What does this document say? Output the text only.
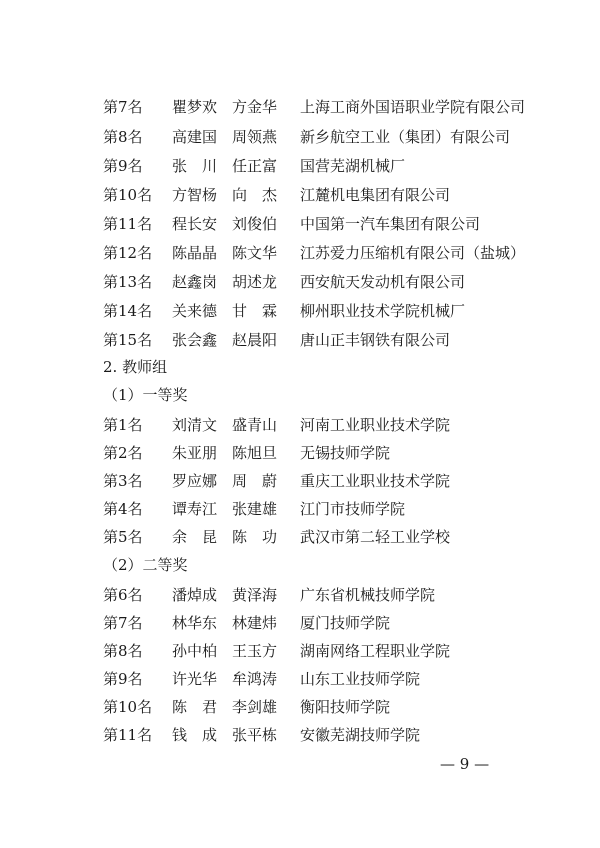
第7名 瞿梦欢 方金华 上海工商外国语职业学院有限公司
第8名 高建国 周领燕 新乡航空工业（集团）有限公司
第9名 张　川 任正富 国营芜湖机械厂
第10名 方智杨 向　杰 江麓机电集团有限公司
第11名 程长安 刘俊伯 中国第一汽车集团有限公司
第12名 陈晶晶 陈文华 江苏爱力压缩机有限公司（盐城）
第13名 赵鑫岗 胡述龙 西安航天发动机有限公司
第14名 关来德 甘　霖 柳州职业技术学院机械厂
第15名 张会鑫 赵晨阳 唐山正丰钢铁有限公司
2. 教师组
（1）一等奖
第1名 刘清文 盛青山 河南工业职业技术学院
第2名 朱亚朋 陈旭旦 无锡技师学院
第3名 罗应娜 周　蔚 重庆工业职业技术学院
第4名 谭寿江 张建雄 江门市技师学院
第5名 余　昆 陈　功 武汉市第二轻工业学校
（2）二等奖
第6名 潘焯成 黄泽海 广东省机械技师学院
第7名 林华东 林建炜 厦门技师学院
第8名 孙中柏 王玉方 湖南网络工程职业学院
第9名 许光华 牟鸿涛 山东工业技师学院
第10名 陈　君 李剑雄 衡阳技师学院
第11名 钱　成 张平栋 安徽芜湖技师学院
— 9 —
